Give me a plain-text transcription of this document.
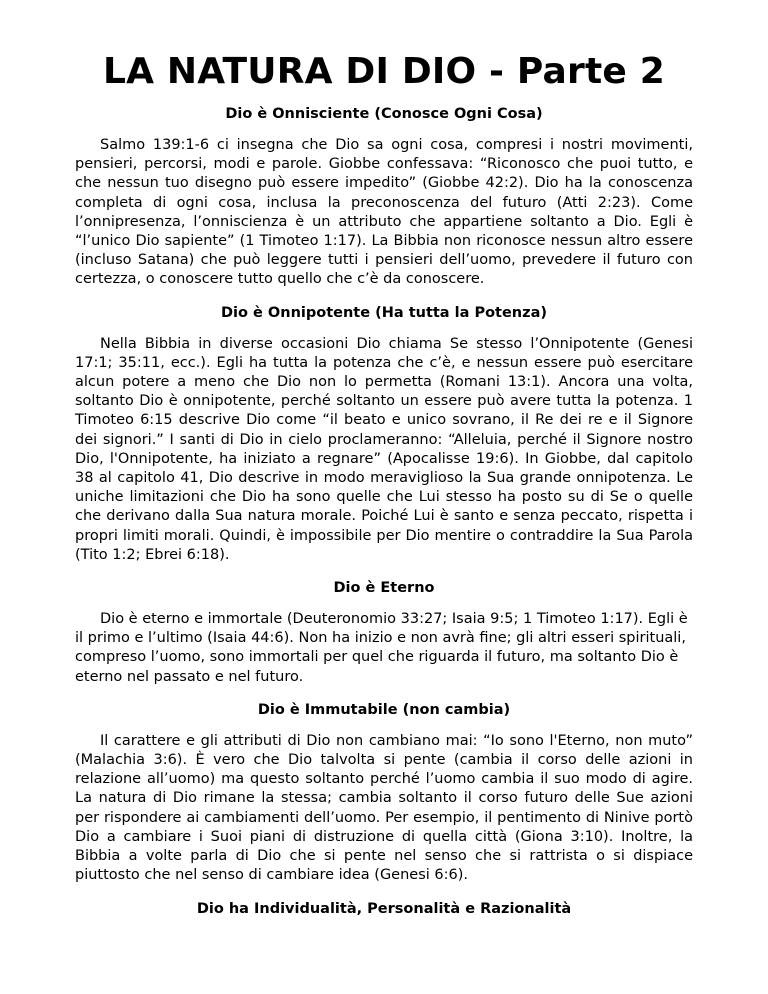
LA NATURA DI DIO - Parte 2
Dio è Onnisciente (Conosce Ogni Cosa)

Salmo 139:1-6 ci insegna che Dio sa ogni cosa, compresi i nostri movimenti, pensieri, percorsi, modi e parole. Giobbe confessava: “Riconosco che puoi tutto, e che nessun tuo disegno può essere impedito” (Giobbe 42:2). Dio ha la conoscenza completa di ogni cosa, inclusa la preconoscenza del futuro (Atti 2:23). Come l’onnipresenza, l’onniscienza è un attributo che appartiene soltanto a Dio. Egli è “l’unico Dio sapiente” (1 Timoteo 1:17). La Bibbia non riconosce nessun altro essere (incluso Satana) che può leggere tutti i pensieri dell’uomo, prevedere il futuro con certezza, o conoscere tutto quello che c’è da conoscere.

Dio è Onnipotente (Ha tutta la Potenza)

Nella Bibbia in diverse occasioni Dio chiama Se stesso l’Onnipotente (Genesi 17:1; 35:11, ecc.). Egli ha tutta la potenza che c’è, e nessun essere può esercitare alcun potere a meno che Dio non lo permetta (Romani 13:1). Ancora una volta, soltanto Dio è onnipotente, perché soltanto un essere può avere tutta la potenza. 1 Timoteo 6:15 descrive Dio come “il beato e unico sovrano, il Re dei re e il Signore dei signori.” I santi di Dio in cielo proclameranno: “Alleluia, perché il Signore nostro Dio, l'Onnipotente, ha iniziato a regnare” (Apocalisse 19:6). In Giobbe, dal capitolo 38 al capitolo 41, Dio descrive in modo meraviglioso la Sua grande onnipotenza. Le uniche limitazioni che Dio ha sono quelle che Lui stesso ha posto su di Se o quelle che derivano dalla Sua natura morale. Poiché Lui è santo e senza peccato, rispetta i propri limiti morali. Quindi, è impossibile per Dio mentire o contraddire la Sua Parola (Tito 1:2; Ebrei 6:18).

Dio è Eterno

Dio è eterno e immortale (Deuteronomio 33:27; Isaia 9:5; 1 Timoteo 1:17). Egli è il primo e l’ultimo (Isaia 44:6). Non ha inizio e non avrà fine; gli altri esseri spirituali, compreso l’uomo, sono immortali per quel che riguarda il futuro, ma soltanto Dio è eterno nel passato e nel futuro.

Dio è Immutabile (non cambia)

Il carattere e gli attributi di Dio non cambiano mai: “Io sono l'Eterno, non muto” (Malachia 3:6). È vero che Dio talvolta si pente (cambia il corso delle azioni in relazione all’uomo) ma questo soltanto perché l’uomo cambia il suo modo di agire. La natura di Dio rimane la stessa; cambia soltanto il corso futuro delle Sue azioni per rispondere ai cambiamenti dell’uomo. Per esempio, il pentimento di Ninive portò Dio a cambiare i Suoi piani di distruzione di quella città (Giona 3:10). Inoltre, la Bibbia a volte parla di Dio che si pente nel senso che si rattrista o si dispiace piuttosto che nel senso di cambiare idea (Genesi 6:6).

Dio ha Individualità, Personalità e Razionalità
